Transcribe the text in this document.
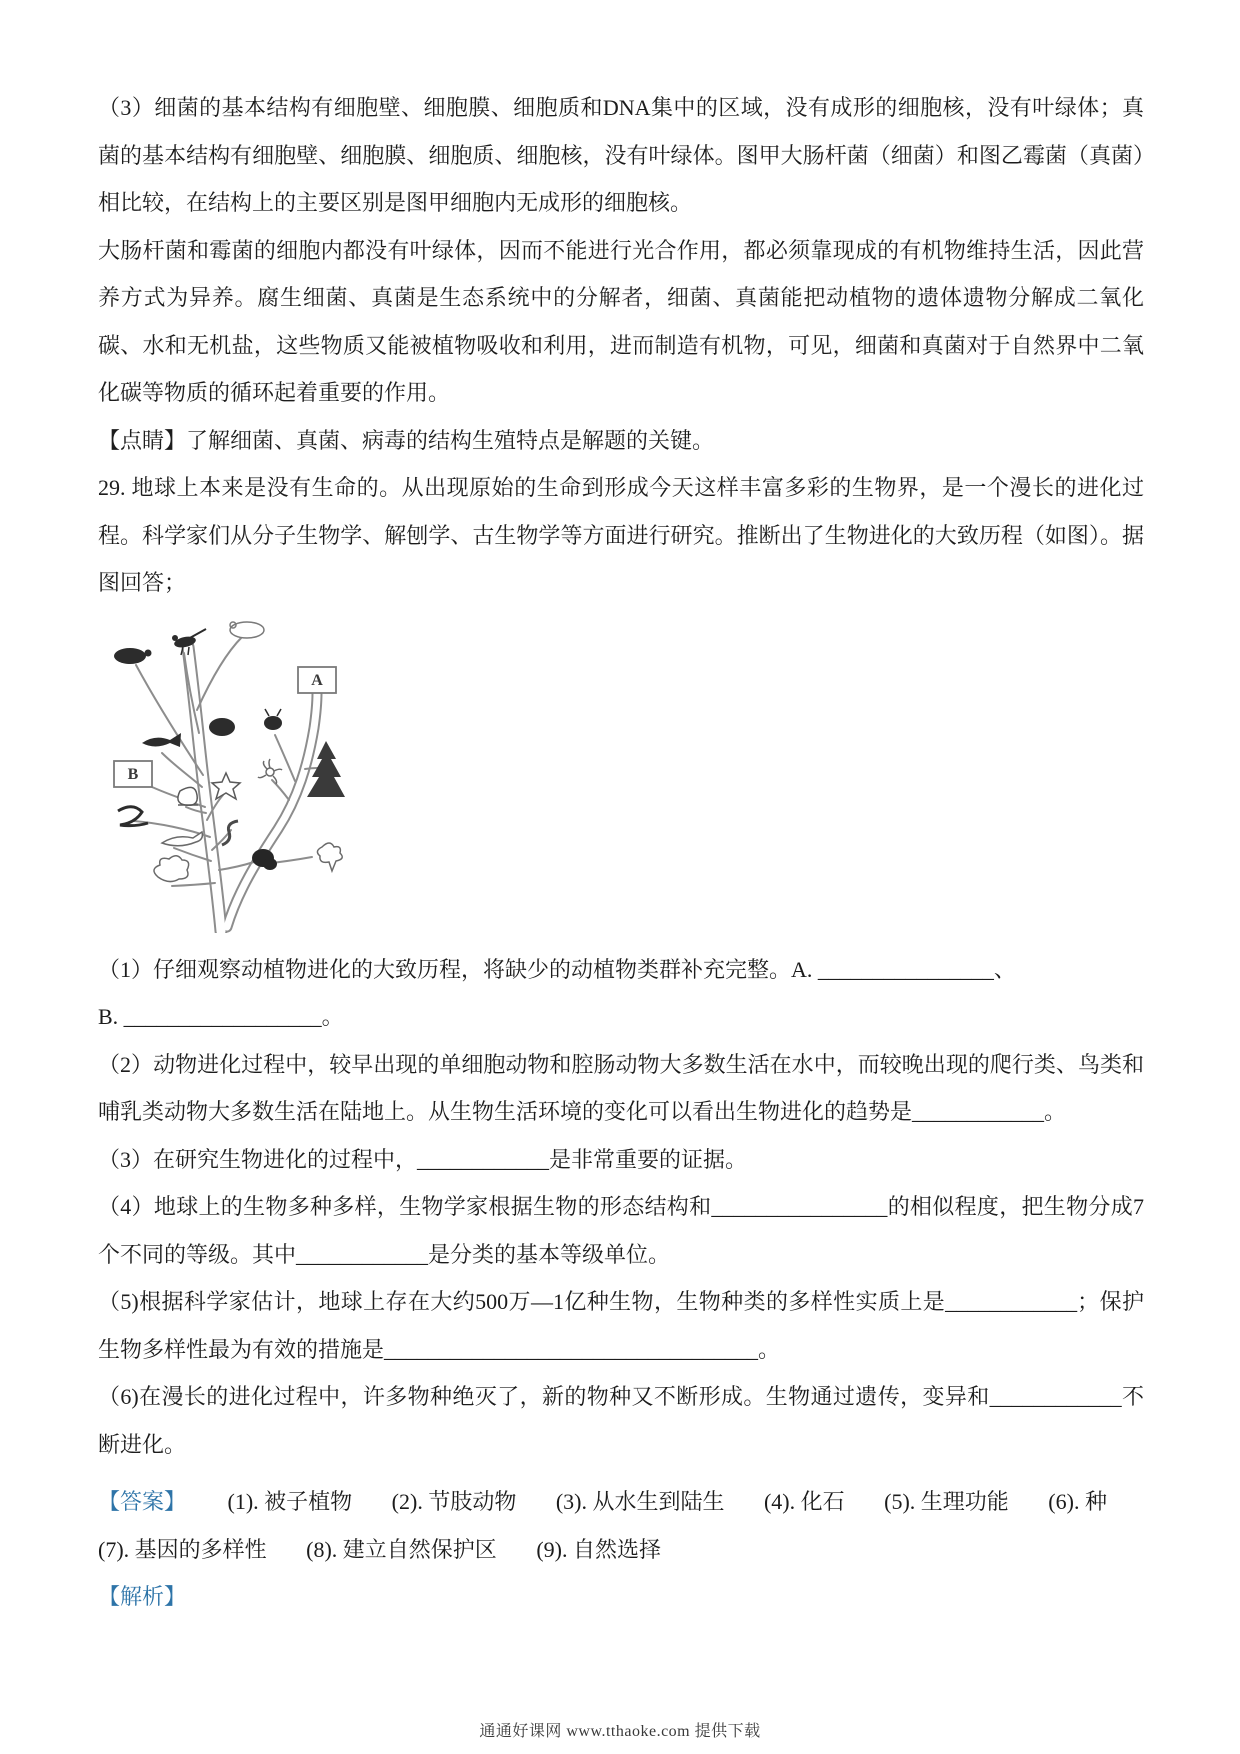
（3）细菌的基本结构有细胞壁、细胞膜、细胞质和DNA集中的区域，没有成形的细胞核，没有叶绿体；真菌的基本结构有细胞壁、细胞膜、细胞质、细胞核，没有叶绿体。图甲大肠杆菌（细菌）和图乙霉菌（真菌）相比较，在结构上的主要区别是图甲细胞内无成形的细胞核。

大肠杆菌和霉菌的细胞内都没有叶绿体，因而不能进行光合作用，都必须靠现成的有机物维持生活，因此营养方式为异养。腐生细菌、真菌是生态系统中的分解者，细菌、真菌能把动植物的遗体遗物分解成二氧化碳、水和无机盐，这些物质又能被植物吸收和利用，进而制造有机物，可见，细菌和真菌对于自然界中二氧化碳等物质的循环起着重要的作用。

【点睛】了解细菌、真菌、病毒的结构生殖特点是解题的关键。

29. 地球上本来是没有生命的。从出现原始的生命到形成今天这样丰富多彩的生物界，是一个漫长的进化过程。科学家们从分子生物学、解刨学、古生物学等方面进行研究。推断出了生物进化的大致历程（如图）。据图回答；

A
B

（1）仔细观察动植物进化的大致历程，将缺少的动植物类群补充完整。A. ________________、

B. __________________。

（2）动物进化过程中，较早出现的单细胞动物和腔肠动物大多数生活在水中，而较晚出现的爬行类、鸟类和哺乳类动物大多数生活在陆地上。从生物生活环境的变化可以看出生物进化的趋势是____________。

（3）在研究生物进化的过程中，____________是非常重要的证据。

（4）地球上的生物多种多样，生物学家根据生物的形态结构和________________的相似程度，把生物分成7个不同的等级。其中____________是分类的基本等级单位。

（5)根据科学家估计，地球上存在大约500万—1亿种生物，生物种类的多样性实质上是____________；保护生物多样性最为有效的措施是__________________________________。

（6)在漫长的进化过程中，许多物种绝灭了，新的物种又不断形成。生物通过遗传，变异和____________不断进化。

【答案】 (1). 被子植物 (2). 节肢动物 (3). 从水生到陆生 (4). 化石 (5). 生理功能 (6). 种 (7). 基因的多样性 (8). 建立自然保护区 (9). 自然选择

【解析】

通通好课网 www.tthaoke.com 提供下载
